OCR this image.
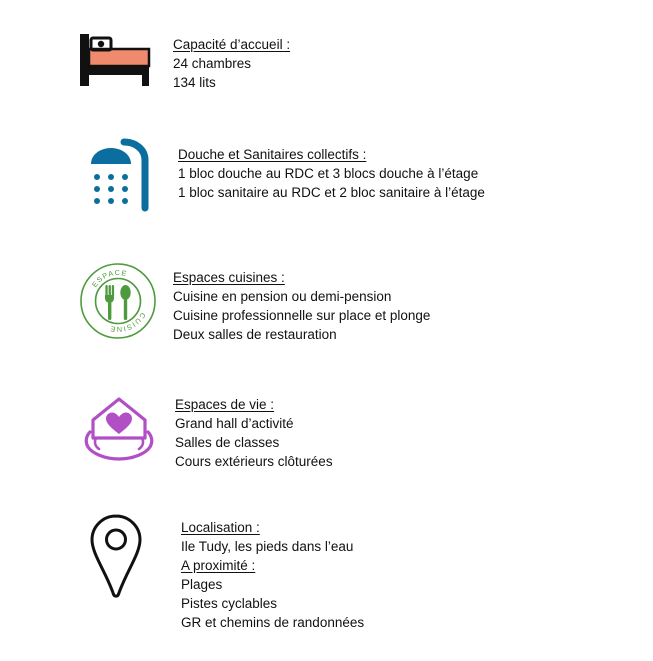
Capacité d’accueil :
24 chambres
134 lits
Douche et Sanitaires collectifs :
1 bloc douche au RDC et 3 blocs douche à l’étage
1 bloc sanitaire au RDC et 2 bloc sanitaire à l’étage
ESPACE
CUISINE
Espaces cuisines :
Cuisine en pension ou demi-pension
Cuisine professionnelle sur place et plonge
Deux salles de restauration
Espaces de vie :
Grand hall d’activité
Salles de classes
Cours extérieurs clôturées
Localisation :
Ile Tudy, les pieds dans l’eau
A proximité :
Plages
Pistes cyclables
GR et chemins de randonnées
